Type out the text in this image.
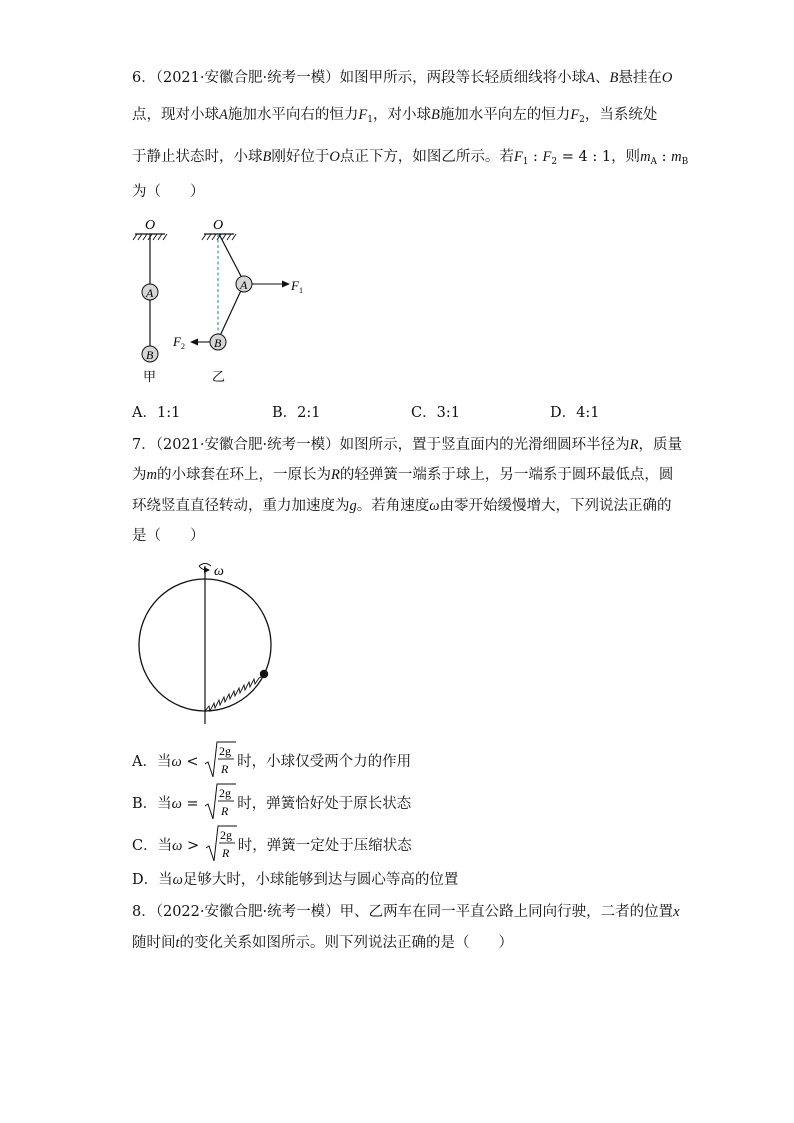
6．（2021·安徽合肥·统考一模）如图甲所示，两段等长轻质细线将小球A、B悬挂在O
点，现对小球A施加水平向右的恒力$F_1$，对小球B施加水平向左的恒力$F_2$，当系统处
于静止状态时，小球B刚好位于O点正下方，如图乙所示。若$F_1$ : $F_2 = 4$ : 1，则$m_A$ : $m_B$
为（　　）
O
A
B
甲
O
F 1
A
F 2 B
乙
A．1:1	B．2:1	C．3:1	D．4:1
7．（2021·安徽合肥·统考一模）如图所示，置于竖直面内的光滑细圆环半径为R，质量
为m的小球套在环上，一原长为R的轻弹簧一端系于球上，另一端系于圆环最低点，圆
环绕竖直直径转动，重力加速度为g。若角速度ω由零开始缓慢增大，下列说法正确的
是（　　）
ω
A．当ω <
2g
R 时，小球仅受两个力的作用
B．当ω =
2g
R 时，弹簧恰好处于原长状态
C．当ω >
2g
R 时，弹簧一定处于压缩状态
D．当ω足够大时，小球能够到达与圆心等高的位置
8．（2022·安徽合肥·统考一模）甲、乙两车在同一平直公路上同向行驶，二者的位置x
随时间t的变化关系如图所示。则下列说法正确的是（　　）
